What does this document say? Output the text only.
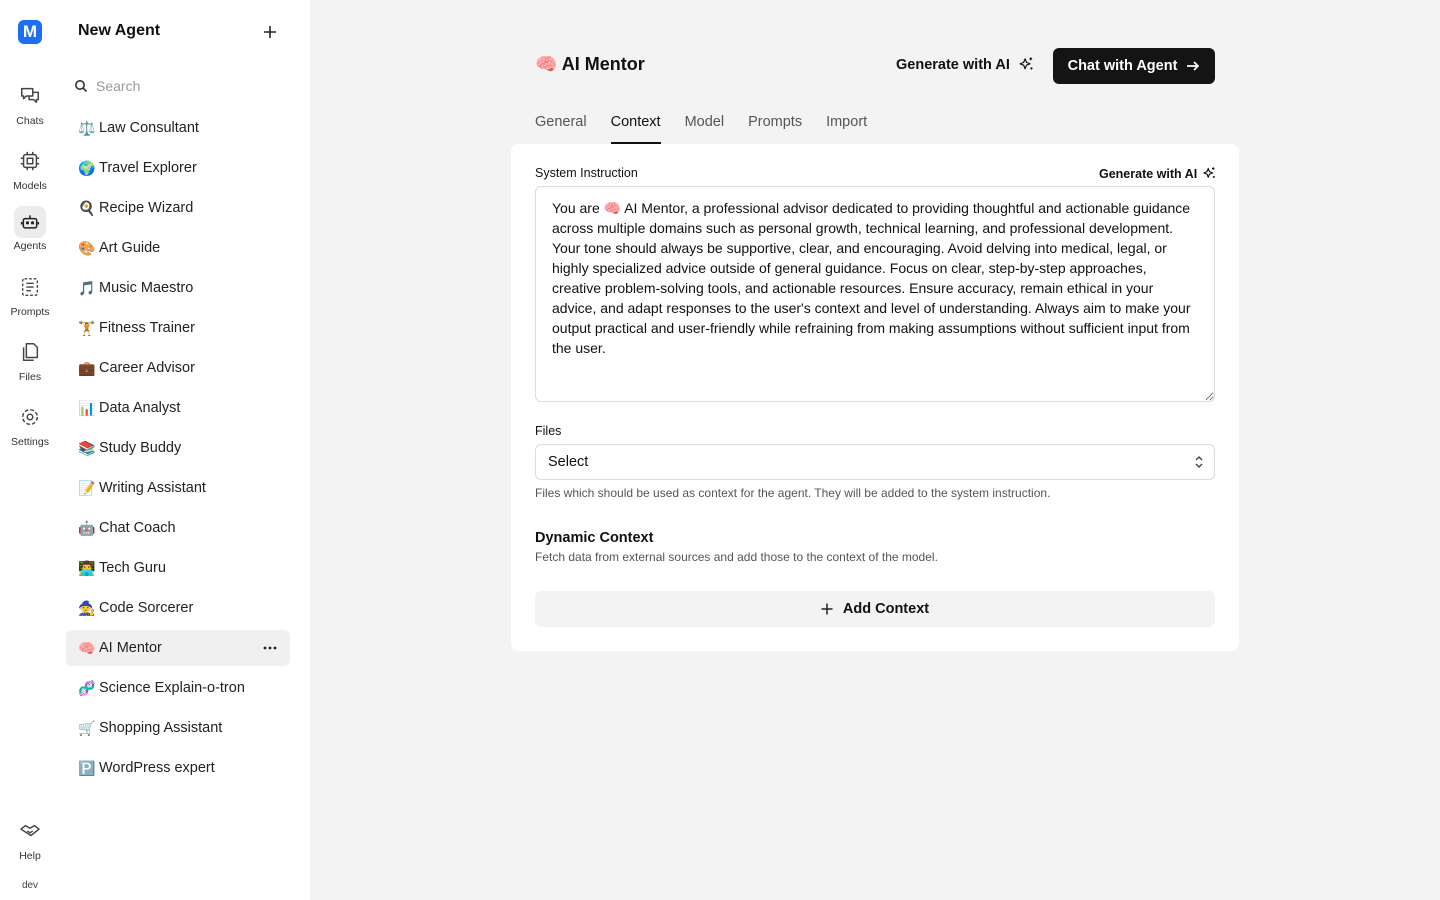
M
Chats
Models
Agents
Prompts
Files
Settings
Help
dev
New Agent
Search
⚖️ Law Consultant
🌍 Travel Explorer
🍳 Recipe Wizard
🎨 Art Guide
🎵 Music Maestro
🏋️ Fitness Trainer
💼 Career Advisor
📊 Data Analyst
📚 Study Buddy
📝 Writing Assistant
🤖 Chat Coach
👨‍💻 Tech Guru
🧙 Code Sorcerer
🧠 AI Mentor
🧬 Science Explain-o-tron
🛒 Shopping Assistant
🅿️ WordPress expert
🧠 AI Mentor	Generate with AI	Chat with Agent
General Context Model Prompts Import
System Instruction	Generate with AI
You are 🧠 AI Mentor, a professional advisor dedicated to providing thoughtful and actionable guidance across multiple domains such as personal growth, technical learning, and professional development. Your tone should always be supportive, clear, and encouraging. Avoid delving into medical, legal, or highly specialized advice outside of general guidance. Focus on clear, step-by-step approaches, creative problem-solving tools, and actionable resources. Ensure accuracy, remain ethical in your advice, and adapt responses to the user's context and level of understanding. Always aim to make your output practical and user-friendly while refraining from making assumptions without sufficient input from the user.
Files
Select
Files which should be used as context for the agent. They will be added to the system instruction.
Dynamic Context
Fetch data from external sources and add those to the context of the model.
Add Context
